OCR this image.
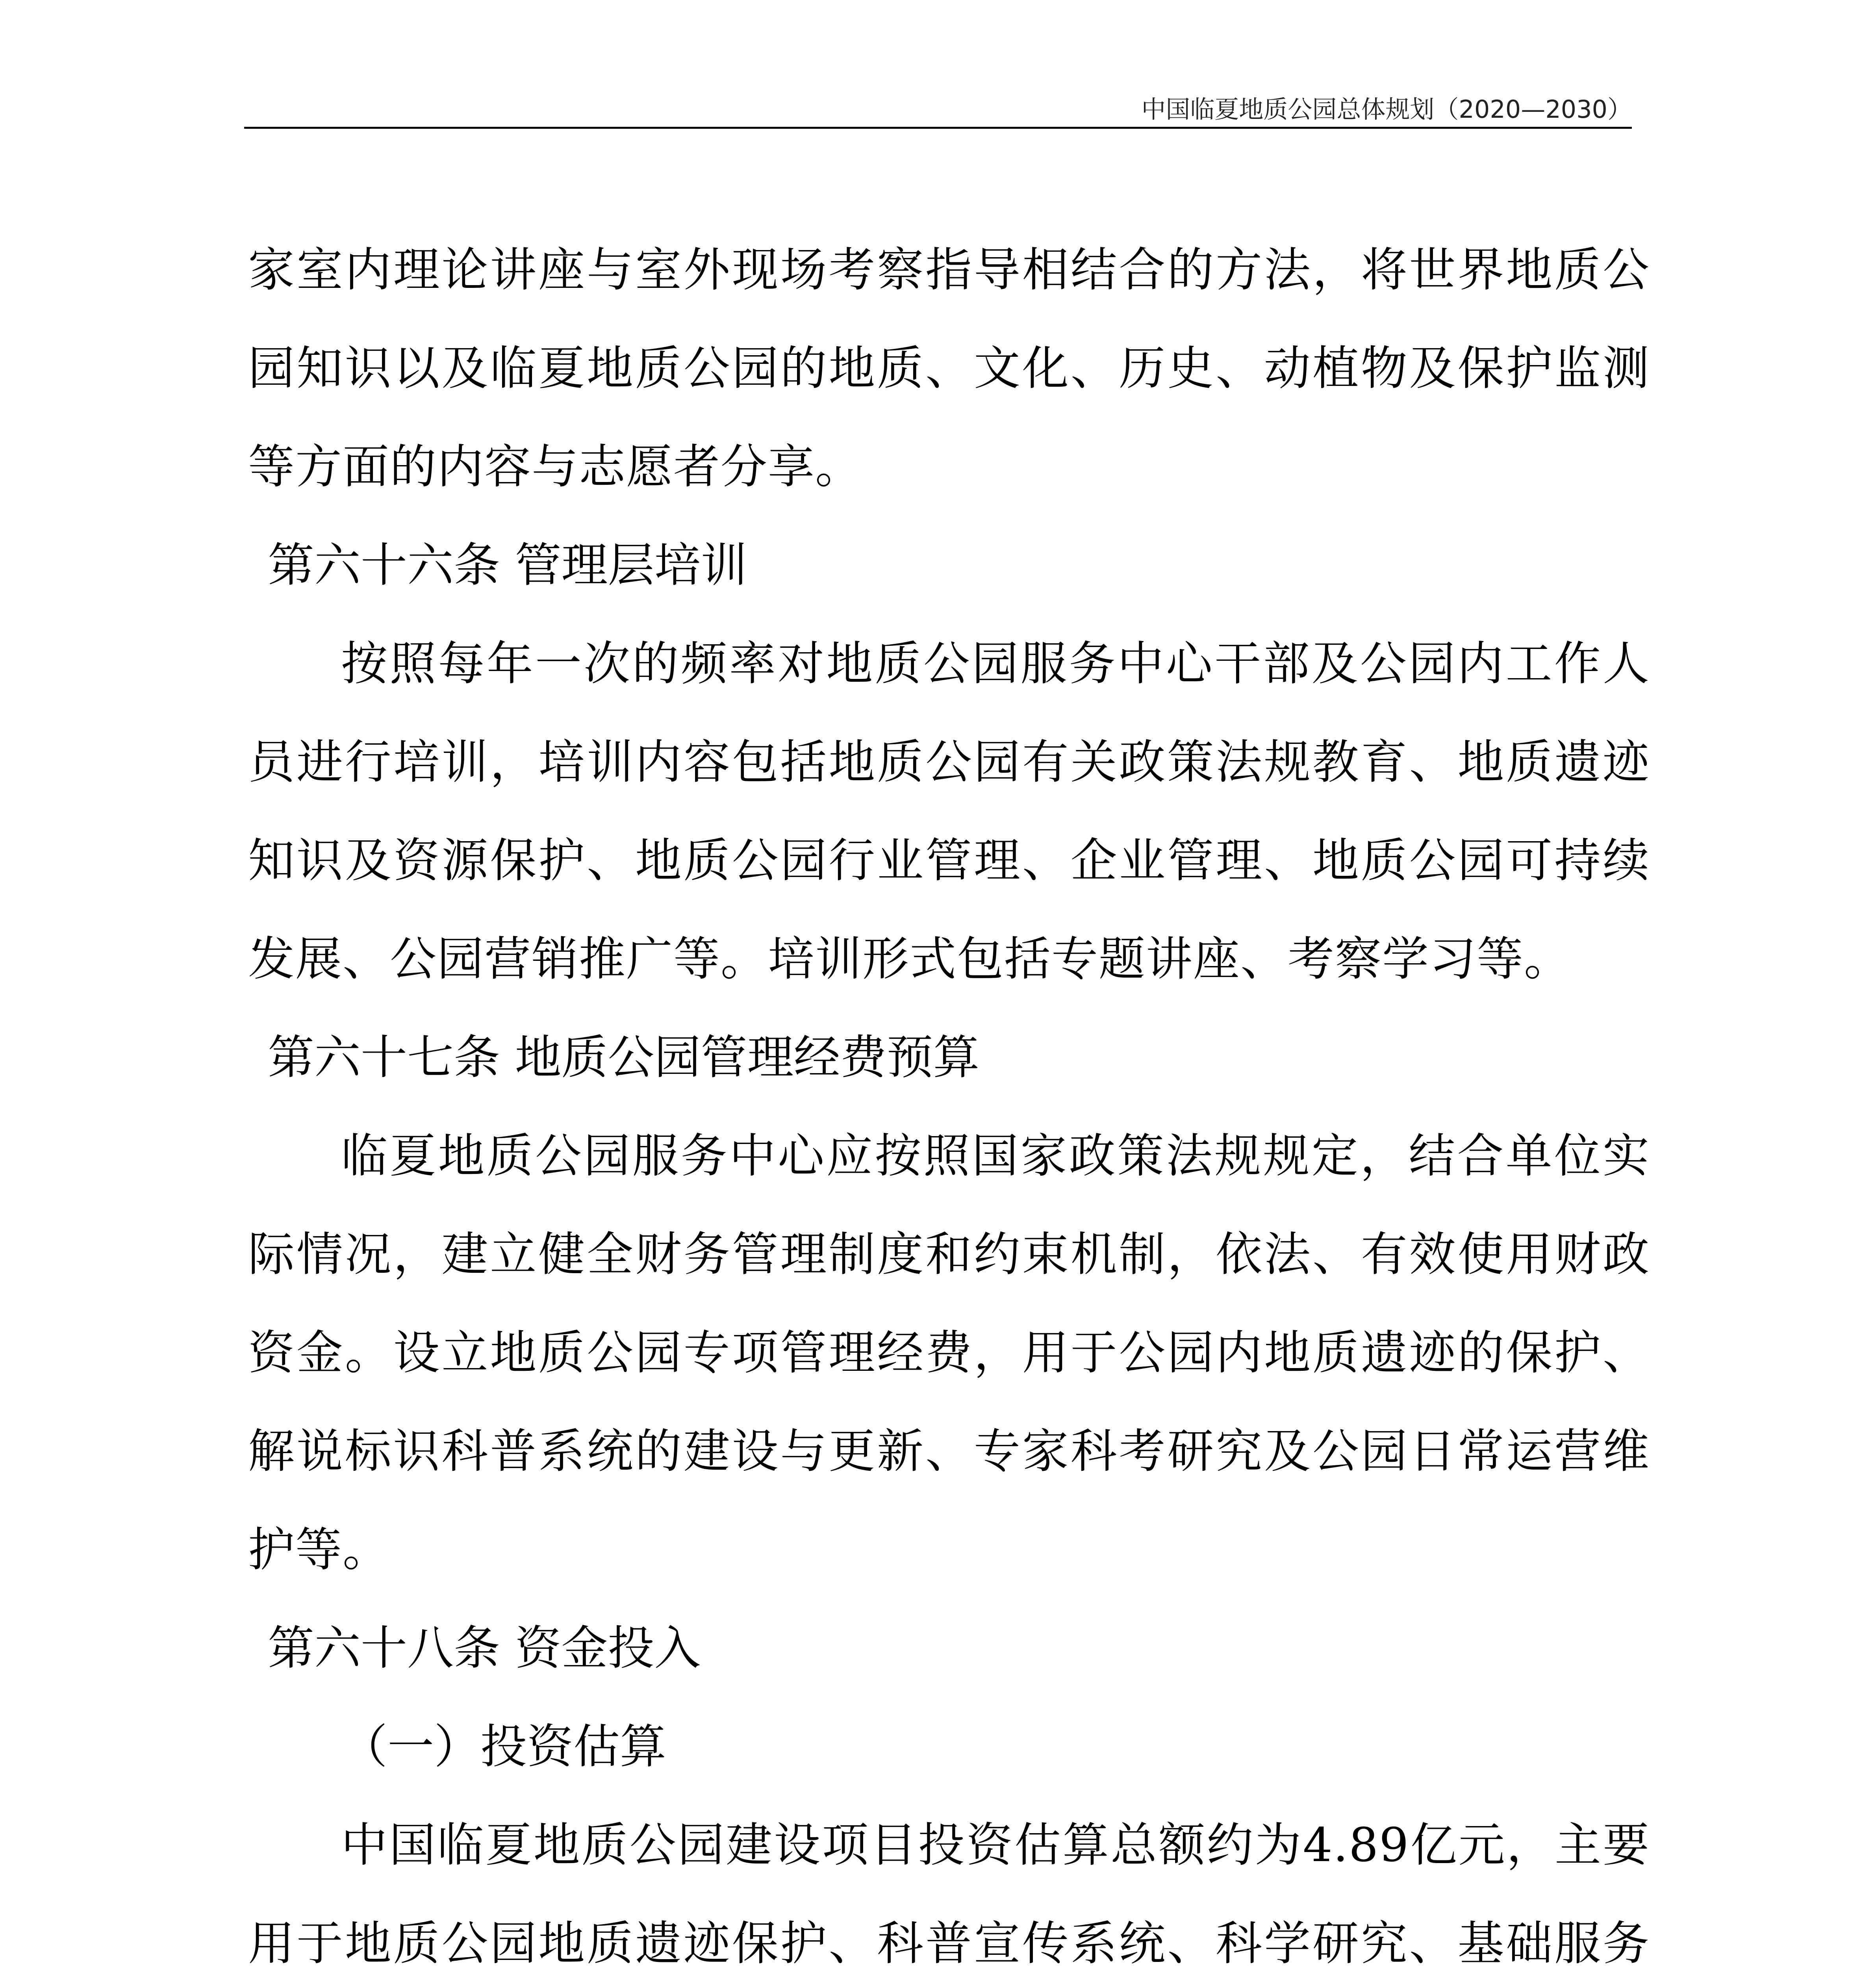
中国临夏地质公园总体规划（2020—2030）

家室内理论讲座与室外现场考察指导相结合的方法，将世界地质公园知识以及临夏地质公园的地质、文化、历史、动植物及保护监测等方面的内容与志愿者分享。

第六十六条 管理层培训

按照每年一次的频率对地质公园服务中心干部及公园内工作人员进行培训，培训内容包括地质公园有关政策法规教育、地质遗迹知识及资源保护、地质公园行业管理、企业管理、地质公园可持续发展、公园营销推广等。培训形式包括专题讲座、考察学习等。

第六十七条 地质公园管理经费预算

临夏地质公园服务中心应按照国家政策法规规定，结合单位实际情况，建立健全财务管理制度和约束机制，依法、有效使用财政资金。设立地质公园专项管理经费，用于公园内地质遗迹的保护、解说标识科普系统的建设与更新、专家科考研究及公园日常运营维护等。

第六十八条 资金投入

（一）投资估算

中国临夏地质公园建设项目投资估算总额约为4.89亿元，主要用于地质公园地质遗迹保护、科普宣传系统、科学研究、基础服务
